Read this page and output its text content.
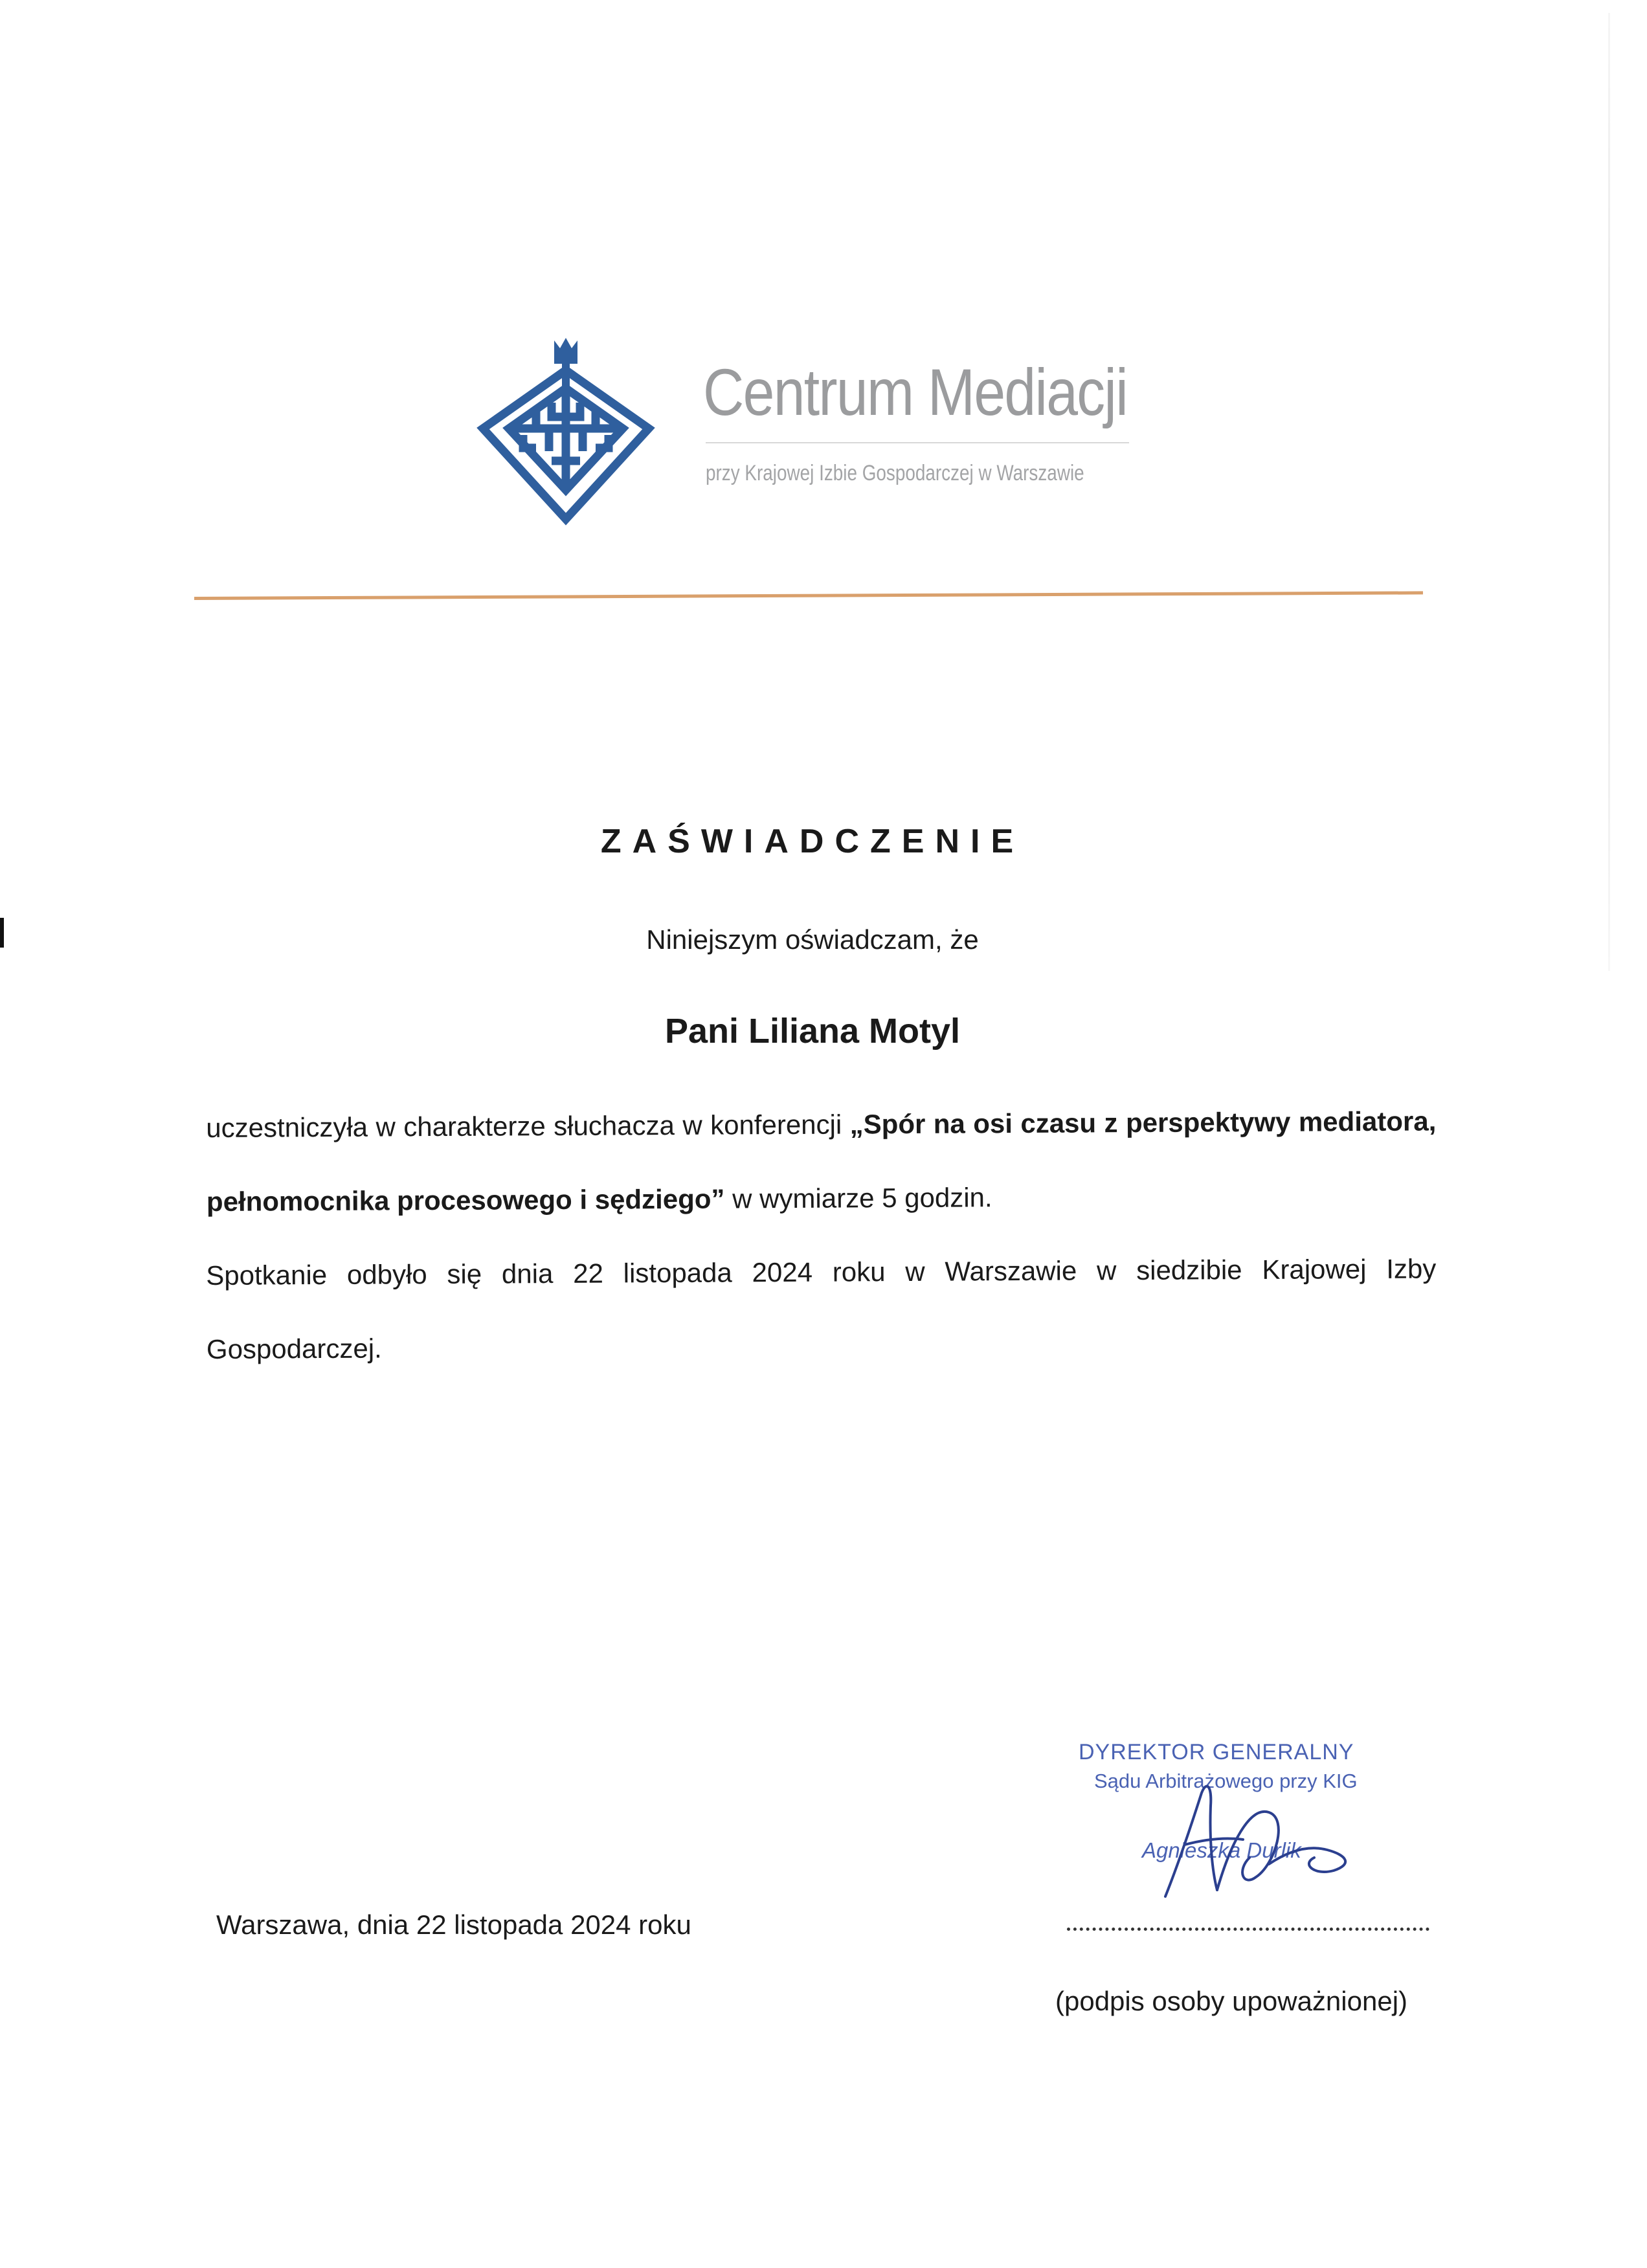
Centrum Mediacji
przy Krajowej Izbie Gospodarczej w Warszawie
ZAŚWIADCZENIE
Niniejszym oświadczam, że
Pani Liliana Motyl
uczestniczyła w charakterze słuchacza w konferencji „Spór na osi czasu z perspektywy mediatora, pełnomocnika procesowego i sędziego” w wymiarze 5 godzin.
Spotkanie odbyło się dnia 22 listopada 2024 roku w Warszawie w siedzibie Krajowej Izby Gospodarczej.
Warszawa, dnia 22 listopada 2024 roku
DYREKTOR GENERALNY
Sądu Arbitrażowego przy KIG
Agnieszka Durlik
(podpis osoby upoważnionej)
